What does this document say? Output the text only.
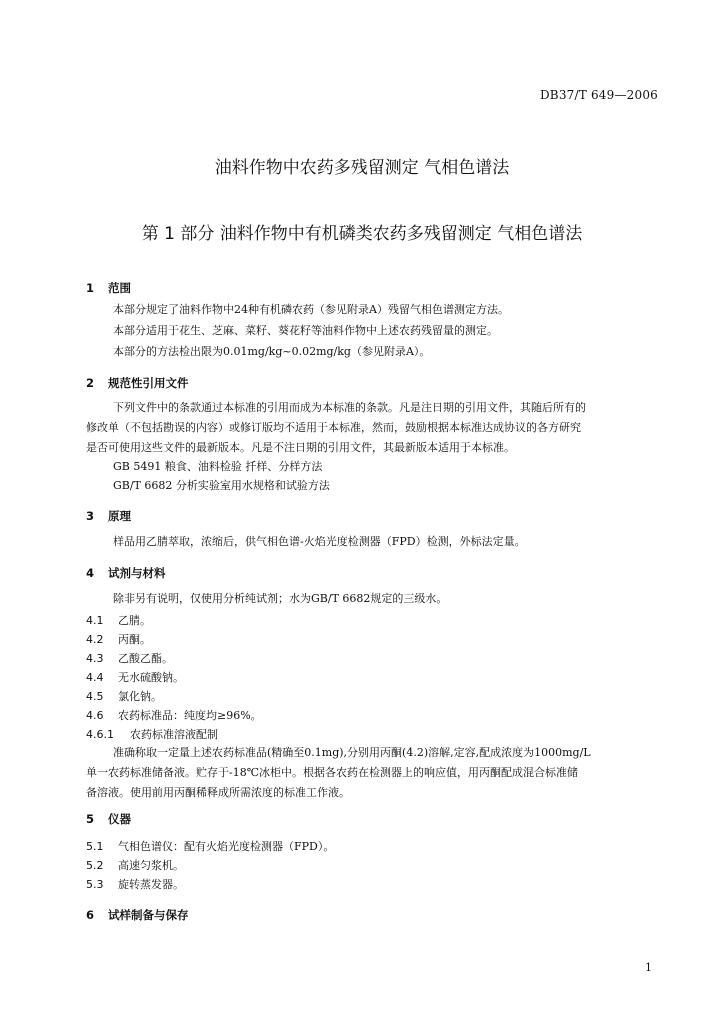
DB37/T 649—2006
油料作物中农药多残留测定 气相色谱法
第 1 部分 油料作物中有机磷类农药多残留测定 气相色谱法
1 范围
本部分规定了油料作物中24种有机磷农药（参见附录A）残留气相色谱测定方法。
本部分适用于花生、芝麻、菜籽、葵花籽等油料作物中上述农药残留量的测定。
本部分的方法检出限为0.01mg/kg~0.02mg/kg（参见附录A）。
2 规范性引用文件
下列文件中的条款通过本标准的引用而成为本标准的条款。凡是注日期的引用文件，其随后所有的
修改单（不包括勘误的内容）或修订版均不适用于本标准，然而，鼓励根据本标准达成协议的各方研究
是否可使用这些文件的最新版本。凡是不注日期的引用文件，其最新版本适用于本标准。
GB 5491 粮食、油料检验 扦样、分样方法
GB/T 6682 分析实验室用水规格和试验方法
3 原理
样品用乙腈萃取，浓缩后，供气相色谱-火焰光度检测器（FPD）检测，外标法定量。
4 试剂与材料
除非另有说明，仅使用分析纯试剂；水为GB/T 6682规定的三级水。
4.1 乙腈。
4.2 丙酮。
4.3 乙酸乙酯。
4.4 无水硫酸钠。
4.5 氯化钠。
4.6 农药标准品：纯度均≥96%。
4.6.1 农药标准溶液配制
准确称取一定量上述农药标准品(精确至0.1mg),分别用丙酮(4.2)溶解,定容,配成浓度为1000mg/L
单一农药标准储备液。贮存于-18℃冰柜中。根据各农药在检测器上的响应值，用丙酮配成混合标准储
备溶液。使用前用丙酮稀释成所需浓度的标准工作液。
5 仪器
5.1 气相色谱仪：配有火焰光度检测器（FPD）。
5.2 高速匀浆机。
5.3 旋转蒸发器。
6 试样制备与保存
1
